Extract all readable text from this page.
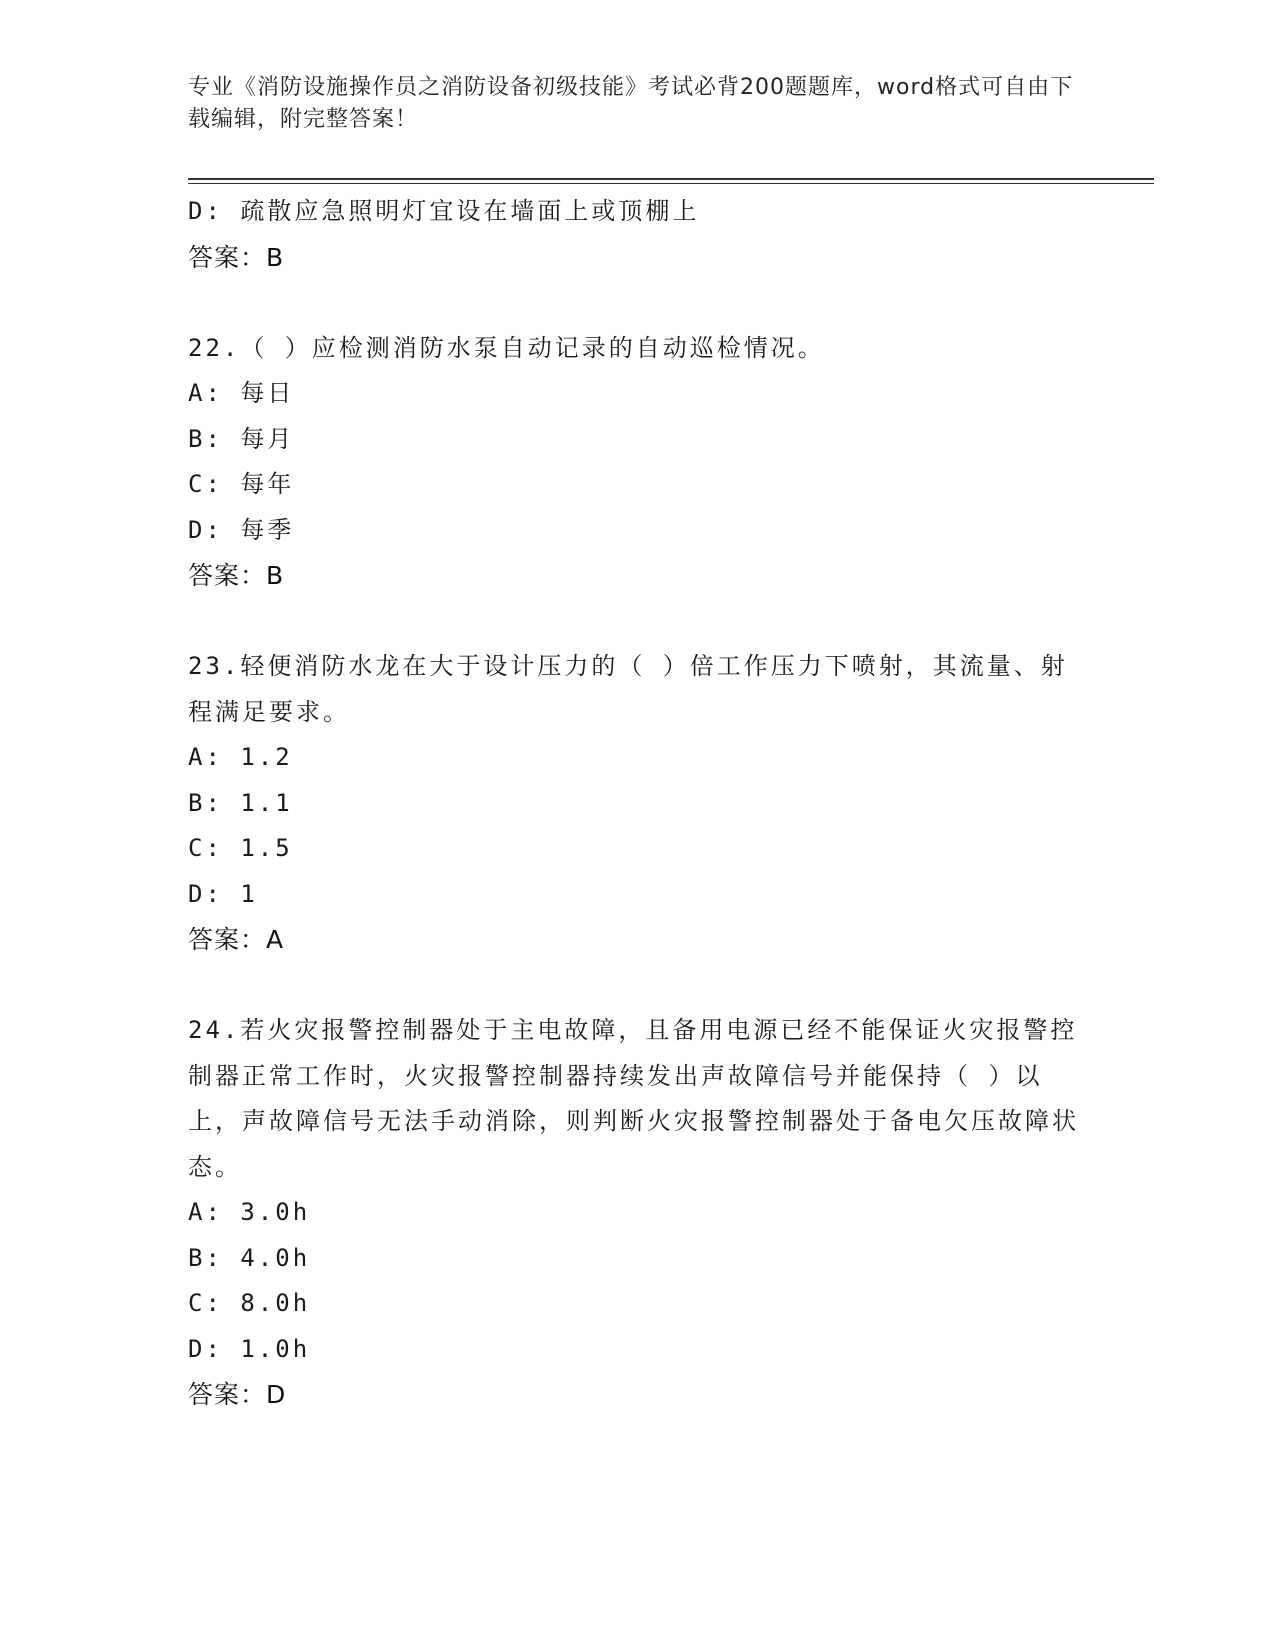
专业《消防设施操作员之消防设备初级技能》考试必背200题题库，word格式可自由下载编辑，附完整答案！
D: 疏散应急照明灯宜设在墙面上或顶棚上
答案：B
22.（ ）应检测消防水泵自动记录的自动巡检情况。
A: 每日
B: 每月
C: 每年
D: 每季
答案：B
23.轻便消防水龙在大于设计压力的（ ）倍工作压力下喷射，其流量、射程满足要求。
A: 1.2
B: 1.1
C: 1.5
D: 1
答案：A
24.若火灾报警控制器处于主电故障，且备用电源已经不能保证火灾报警控制器正常工作时，火灾报警控制器持续发出声故障信号并能保持（ ）以上，声故障信号无法手动消除，则判断火灾报警控制器处于备电欠压故障状态。
A: 3.0h
B: 4.0h
C: 8.0h
D: 1.0h
答案：D
